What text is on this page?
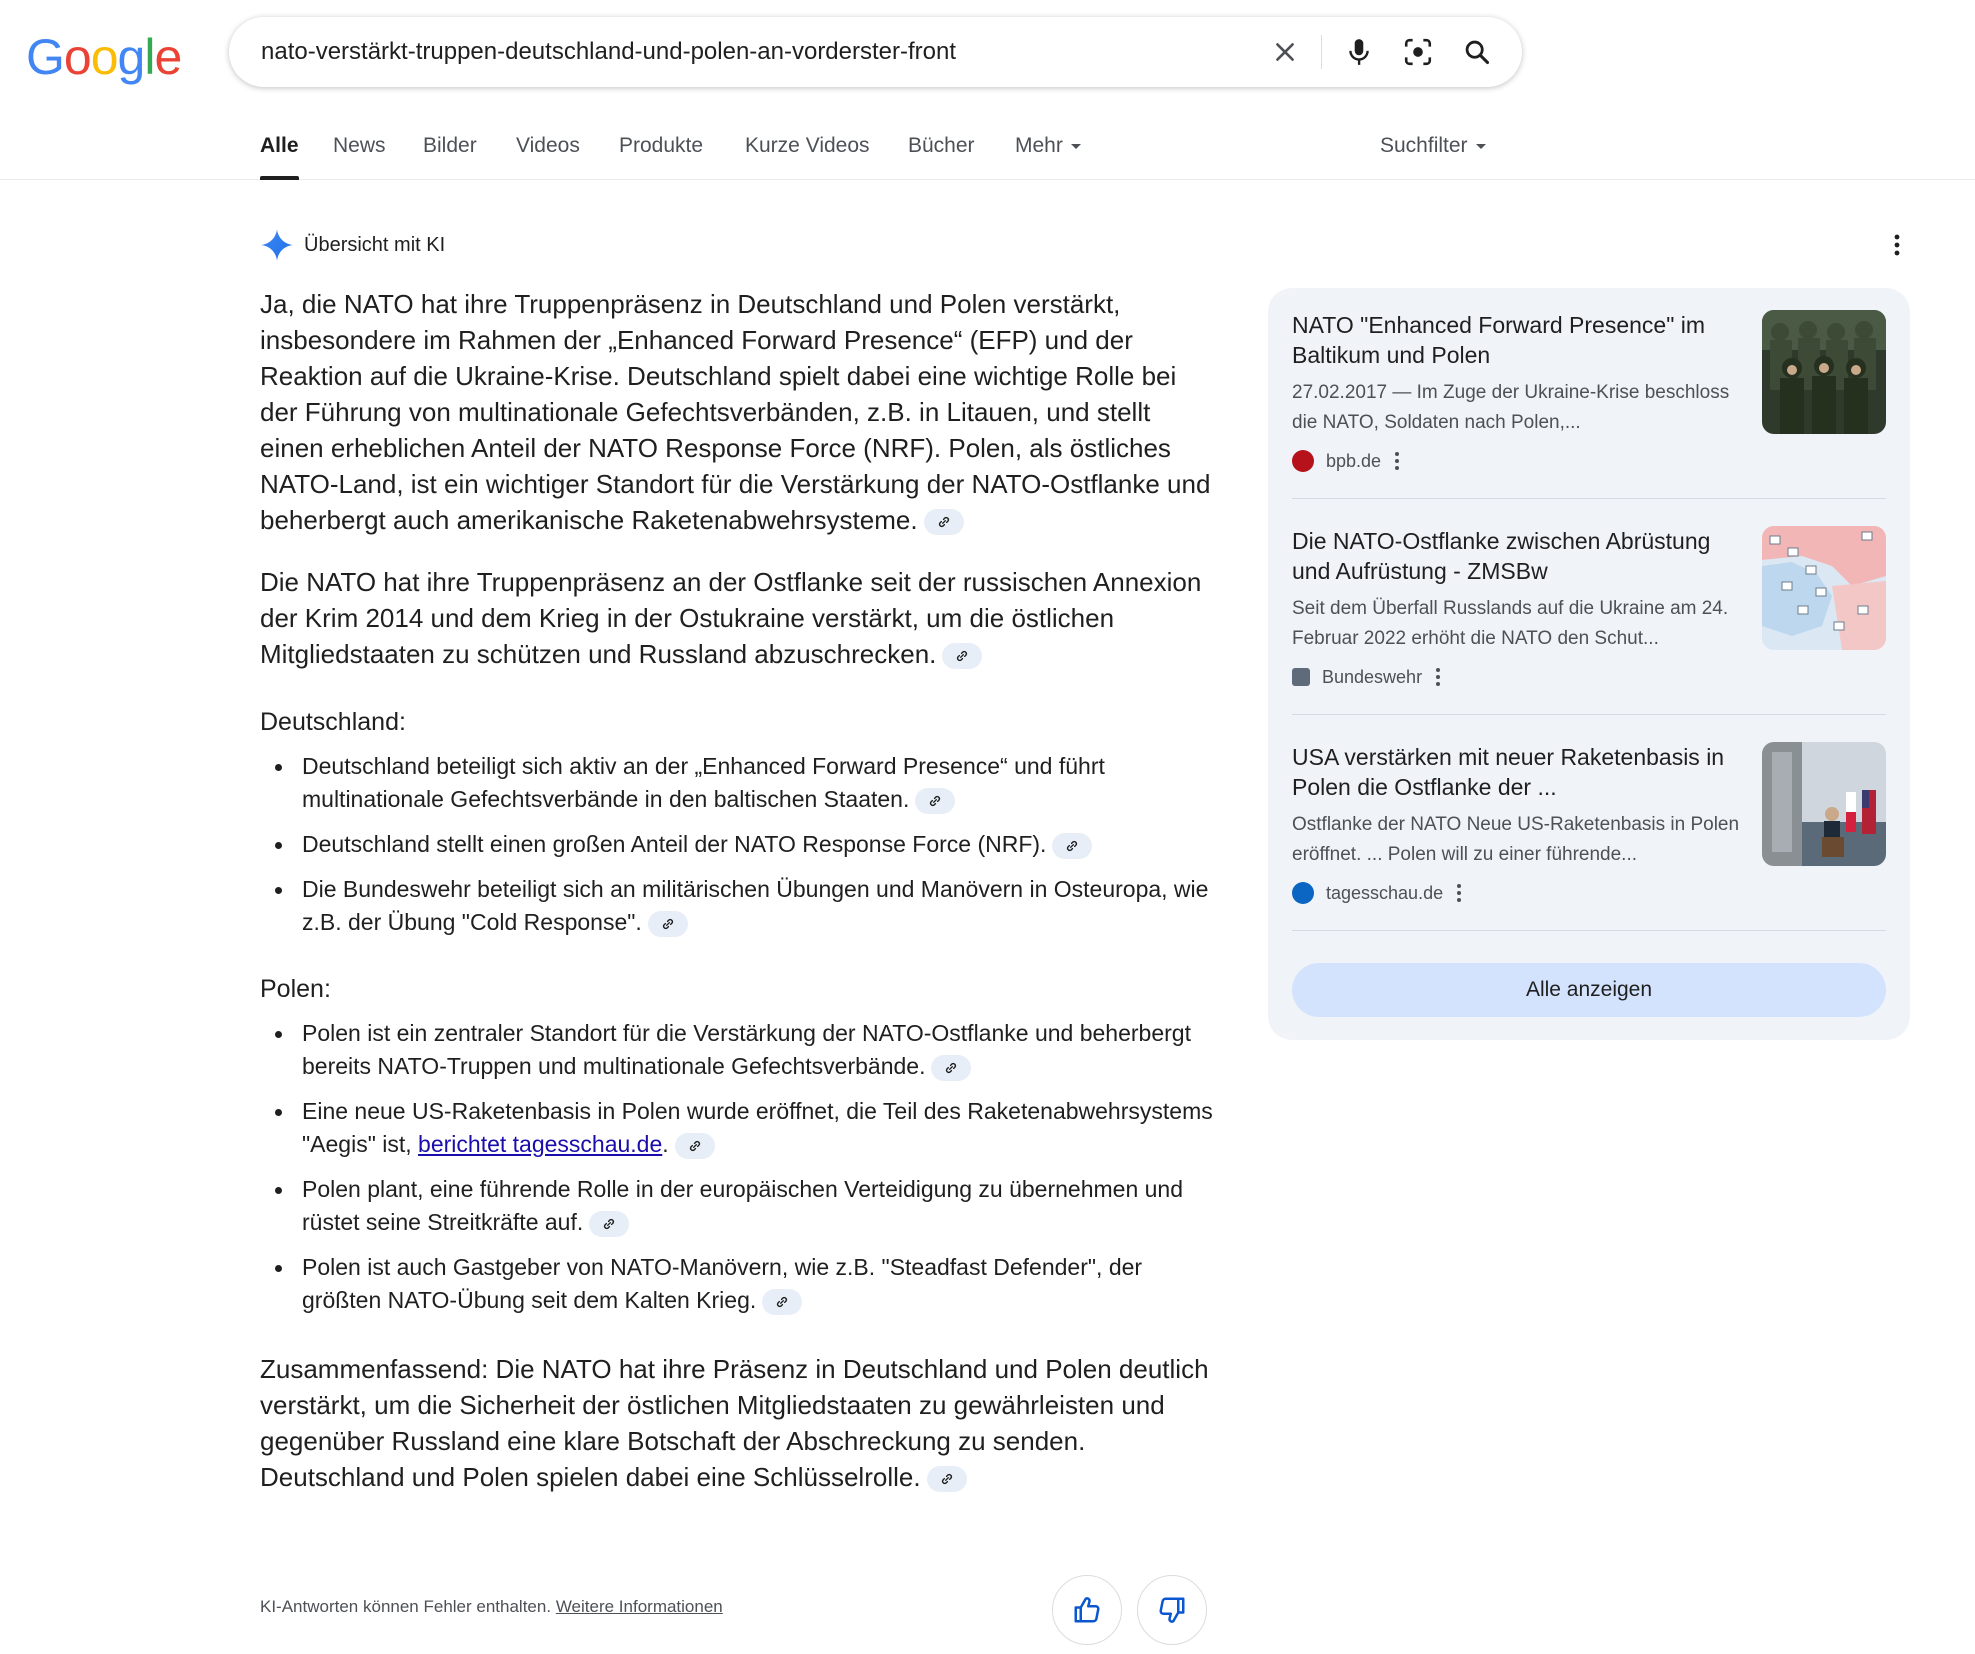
Google	nato-verstärkt-truppen-deutschland-und-polen-an-vorderster-front
Alle News Bilder Videos Produkte Kurze Videos Bücher Mehr	Suchfilter
Übersicht mit KI

Ja, die NATO hat ihre Truppenpräsenz in Deutschland und Polen verstärkt, insbesondere im Rahmen der „Enhanced Forward Presence“ (EFP) und der Reaktion auf die Ukraine-Krise. Deutschland spielt dabei eine wichtige Rolle bei der Führung von multinationale Gefechtsverbänden, z.B. in Litauen, und stellt einen erheblichen Anteil der NATO Response Force (NRF). Polen, als östliches NATO-Land, ist ein wichtiger Standort für die Verstärkung der NATO-Ostflanke und beherbergt auch amerikanische Raketenabwehrsysteme.

Die NATO hat ihre Truppenpräsenz an der Ostflanke seit der russischen Annexion der Krim 2014 und dem Krieg in der Ostukraine verstärkt, um die östlichen Mitgliedstaaten zu schützen und Russland abzuschrecken.

Deutschland:
Deutschland beteiligt sich aktiv an der „Enhanced Forward Presence“ und führt multinationale Gefechtsverbände in den baltischen Staaten.
Deutschland stellt einen großen Anteil der NATO Response Force (NRF).
Die Bundeswehr beteiligt sich an militärischen Übungen und Manövern in Osteuropa, wie z.B. der Übung "Cold Response".
Polen:
Polen ist ein zentraler Standort für die Verstärkung der NATO-Ostflanke und beherbergt bereits NATO-Truppen und multinationale Gefechtsverbände.
Eine neue US-Raketenbasis in Polen wurde eröffnet, die Teil des Raketenabwehrsystems "Aegis" ist, berichtet tagesschau.de.
Polen plant, eine führende Rolle in der europäischen Verteidigung zu übernehmen und rüstet seine Streitkräfte auf.
Polen ist auch Gastgeber von NATO-Manövern, wie z.B. "Steadfast Defender", der größten NATO-Übung seit dem Kalten Krieg.

Zusammenfassend: Die NATO hat ihre Präsenz in Deutschland und Polen deutlich verstärkt, um die Sicherheit der östlichen Mitgliedstaaten zu gewährleisten und gegenüber Russland eine klare Botschaft der Abschreckung zu senden. Deutschland und Polen spielen dabei eine Schlüsselrolle.

KI-Antworten können Fehler enthalten. Weitere Informationen
NATO "Enhanced Forward Presence" im Baltikum und Polen
27.02.2017 — Im Zuge der Ukraine-Krise beschloss die NATO, Soldaten nach Polen,...
bpb.de
Die NATO-Ostflanke zwischen Abrüstung und Aufrüstung - ZMSBw
Seit dem Überfall Russlands auf die Ukraine am 24. Februar 2022 erhöht die NATO den Schut...
Bundeswehr
USA verstärken mit neuer Raketenbasis in Polen die Ostflanke der ...
Ostflanke der NATO Neue US-Raketenbasis in Polen eröffnet. ... Polen will zu einer führende...
tagesschau.de
Alle anzeigen
